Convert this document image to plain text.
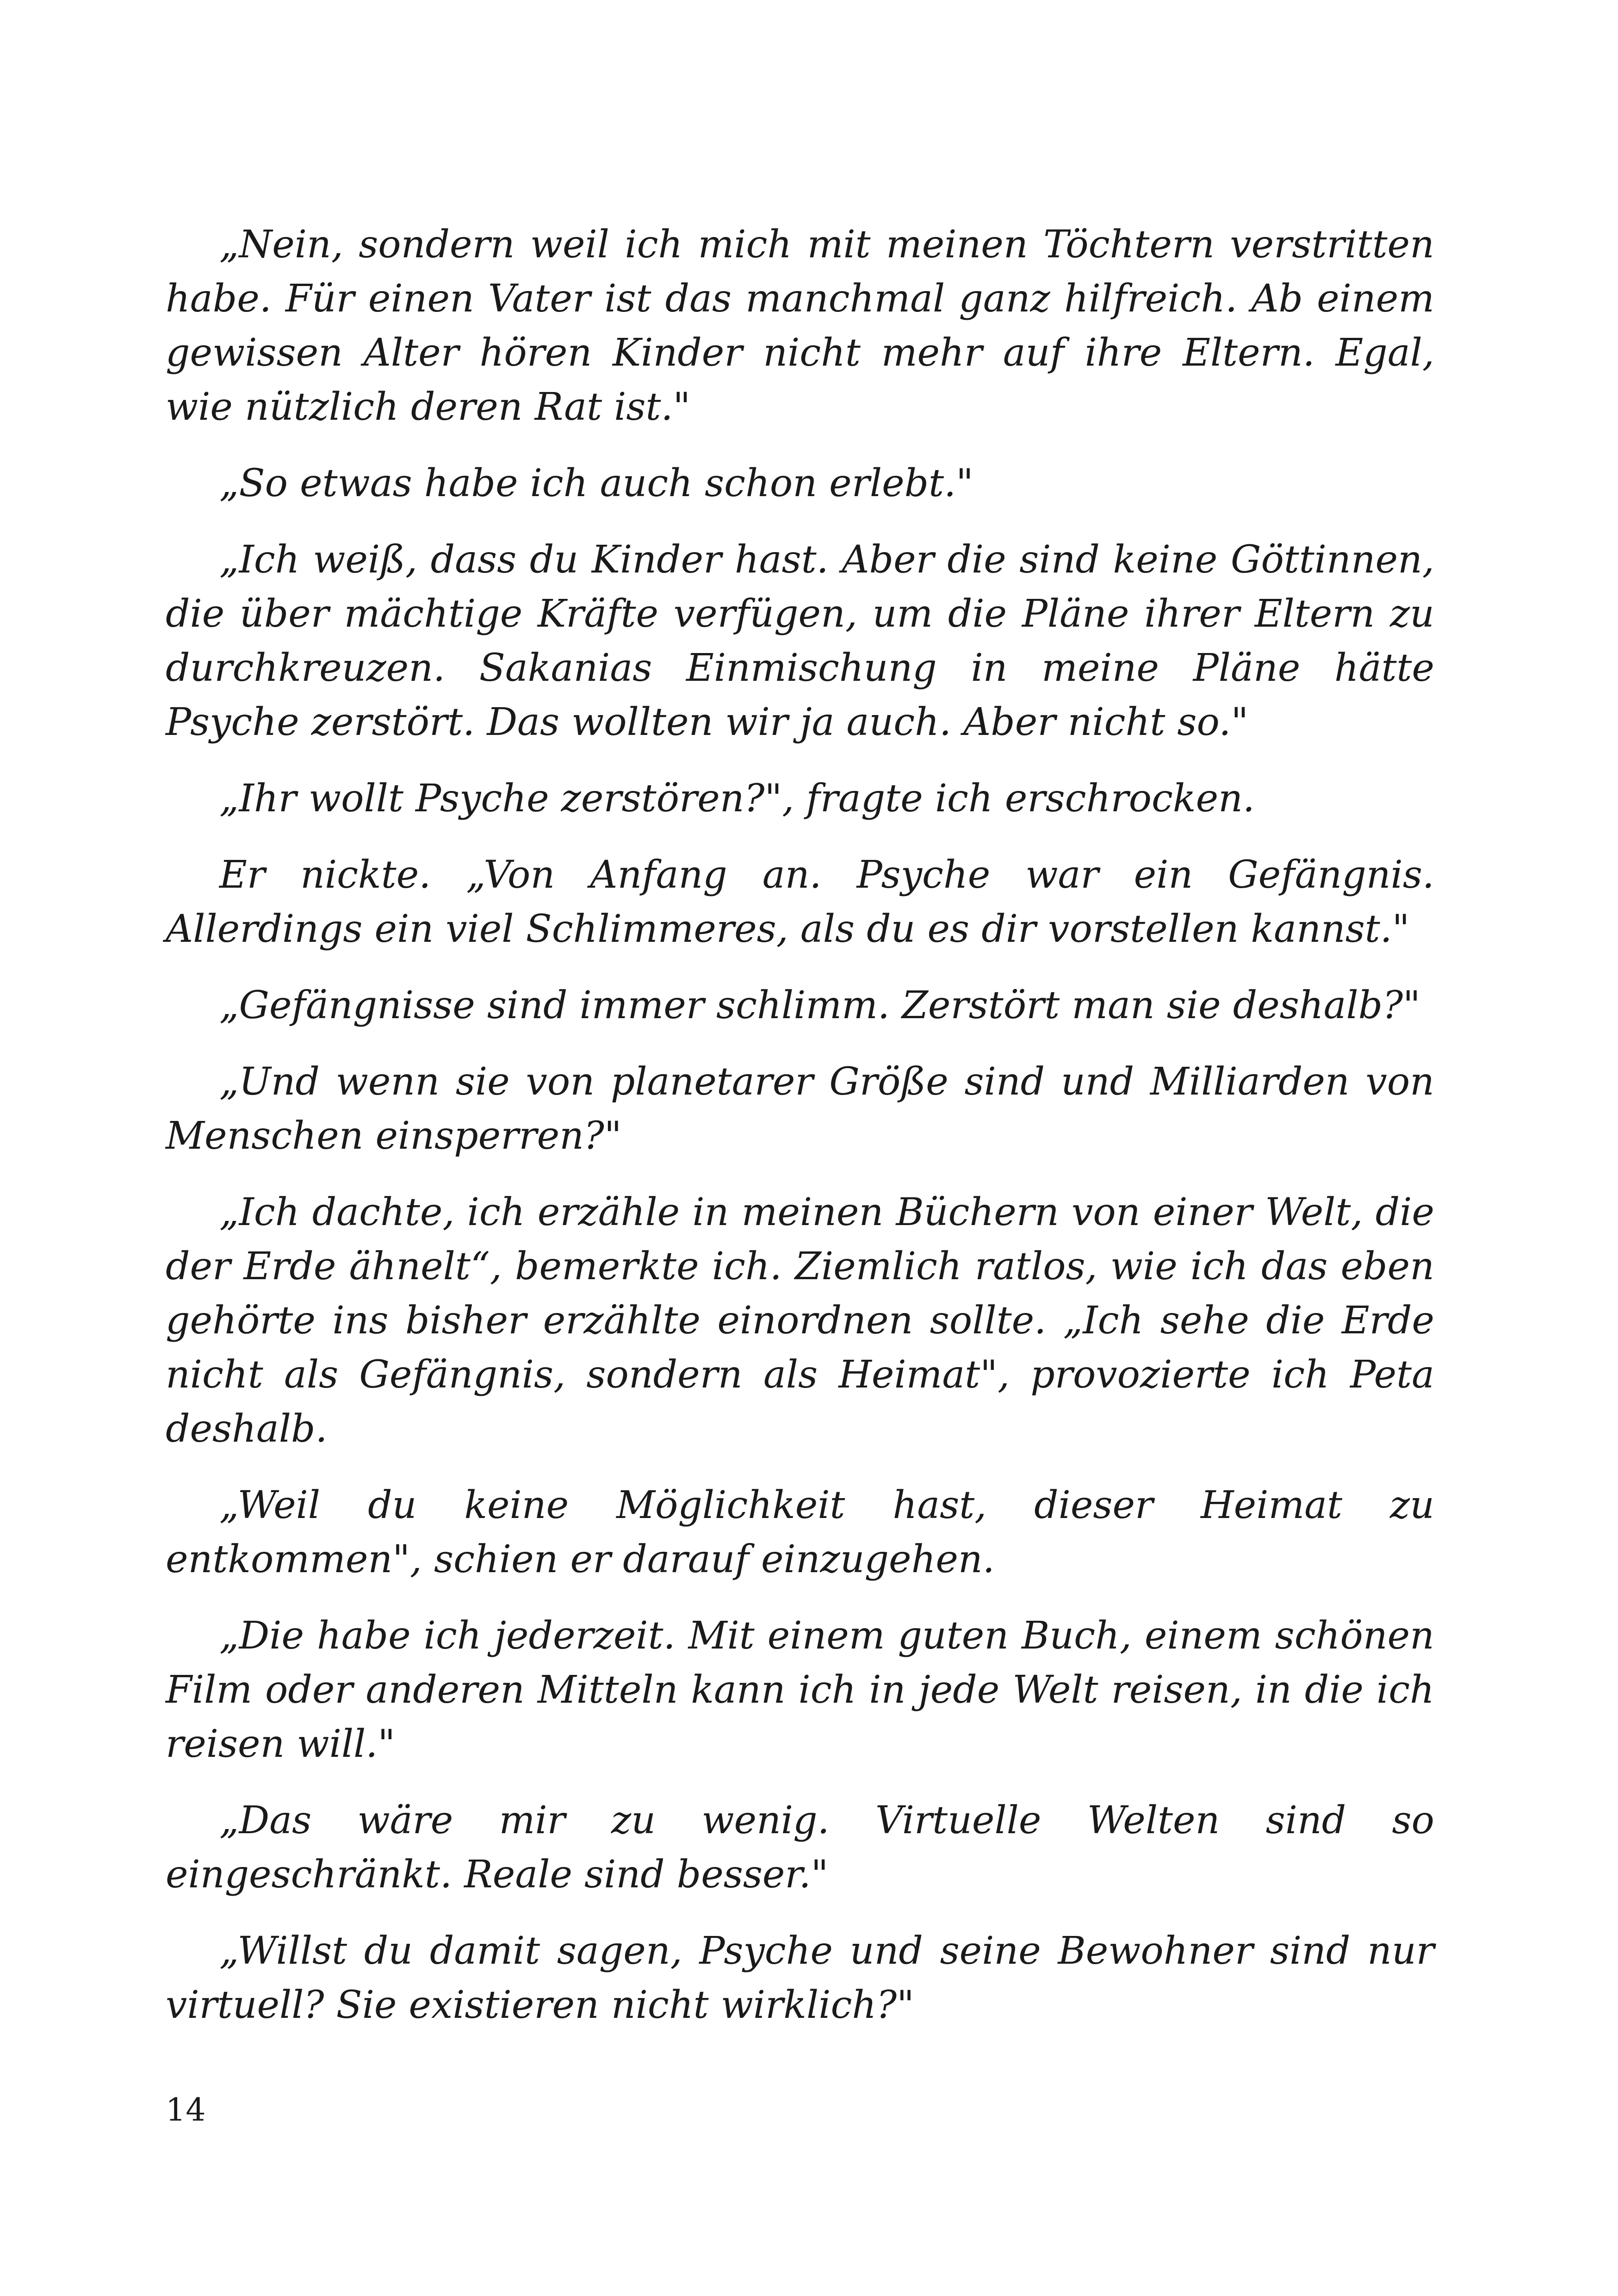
„Nein, sondern weil ich mich mit meinen Töchtern verstritten habe. Für einen Vater ist das manchmal ganz hilfreich. Ab einem gewissen Alter hören Kinder nicht mehr auf ihre Eltern. Egal, wie nützlich deren Rat ist."

„So etwas habe ich auch schon erlebt."

„Ich weiß, dass du Kinder hast. Aber die sind keine Göttinnen, die über mächtige Kräfte verfügen, um die Pläne ihrer Eltern zu durchkreuzen. Sakanias Einmischung in meine Pläne hätte Psyche zerstört. Das wollten wir ja auch. Aber nicht so."

„Ihr wollt Psyche zerstören?", fragte ich erschrocken.

Er nickte. „Von Anfang an. Psyche war ein Gefängnis. Allerdings ein viel Schlimmeres, als du es dir vorstellen kannst."

„Gefängnisse sind immer schlimm. Zerstört man sie deshalb?"

„Und wenn sie von planetarer Größe sind und Milliarden von Menschen einsperren?"

„Ich dachte, ich erzähle in meinen Büchern von einer Welt, die der Erde ähnelt“, bemerkte ich. Ziemlich ratlos, wie ich das eben gehörte ins bisher erzählte einordnen sollte. „Ich sehe die Erde nicht als Gefängnis, sondern als Heimat", provozierte ich Peta deshalb.

„Weil du keine Möglichkeit hast, dieser Heimat zu entkommen", schien er darauf einzugehen.

„Die habe ich jederzeit. Mit einem guten Buch, einem schönen Film oder anderen Mitteln kann ich in jede Welt reisen, in die ich reisen will."

„Das wäre mir zu wenig. Virtuelle Welten sind so eingeschränkt. Reale sind besser."

„Willst du damit sagen, Psyche und seine Bewohner sind nur virtuell? Sie existieren nicht wirklich?"

14
